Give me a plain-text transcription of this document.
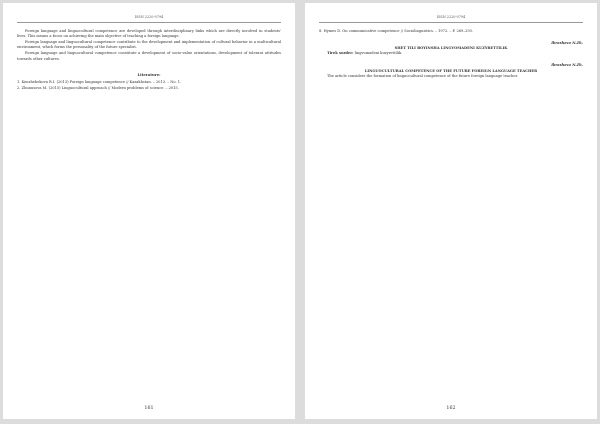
ISSN 2220-9794

Foreign language and linguocultural competence are developed through interdisciplinary links which are directly involved in students' lives. This means a focus on achieving the main objective of teaching a foreign language.

Foreign language and linguocultural competence contribute to the development and implementation of cultural behavior in a multicultural environment, which forms the personality of the future specialist.

Foreign language and linguocultural competence constitute a development of socio-value orientations, development of tolerant attitudes towards other cultures.

Literature:

1. Kenzhebekova R.I. (2013) Foreign language competence // Kazakhstan. – 2013. – No. 1.

2. Zhunusova M. (2015) Linguocultural approach // Modern problems of science. – 2015.

161
ISSN 2220-9794

8. Hymes D. On communicative competence // Sociolinguistics. – 1972. – P. 269–293.

Ibrasheva N.Zh.
SHET TILI BOYINSHA LINGVOMADENI KUZYRETTILIK

Tirek sozder: lingvomadeni kuzyrettilik.

Ibrasheva N.Zh.
LINGUOCULTURAL COMPETENCE OF THE FUTURE FOREIGN LANGUAGE TEACHER

The article considers the formation of linguocultural competence of the future foreign language teacher.

162
